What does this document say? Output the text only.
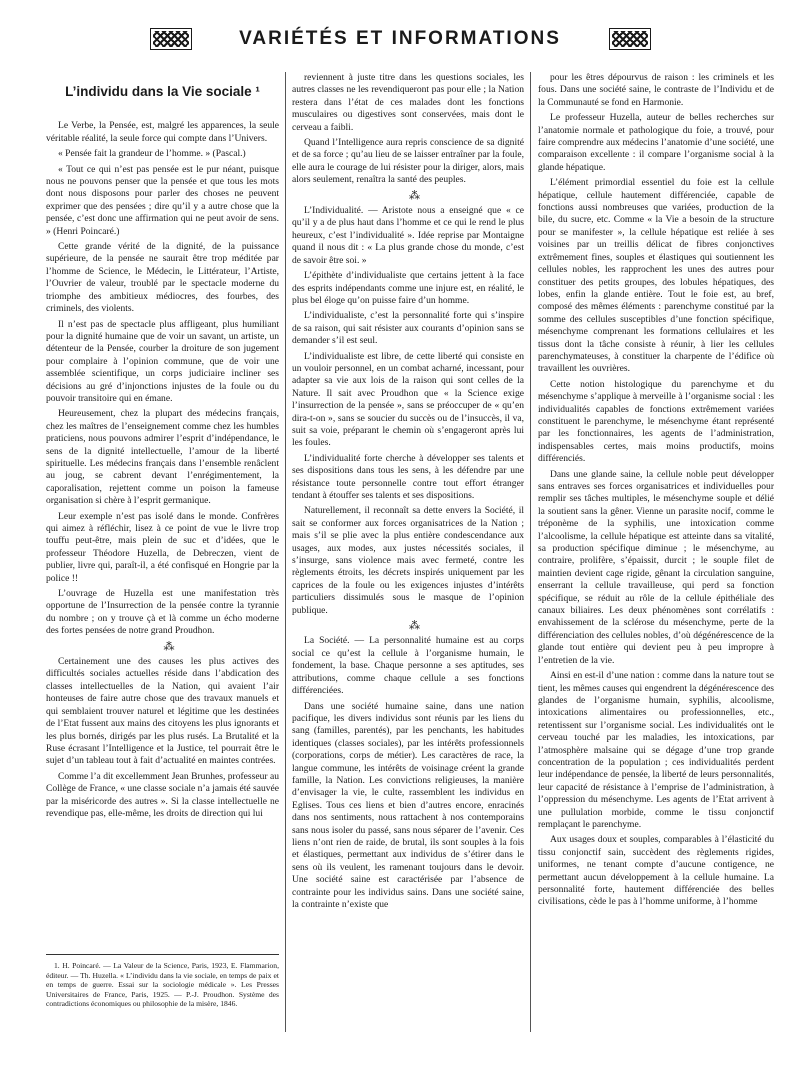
VARIÉTÉS ET INFORMATIONS
L’individu dans la Vie sociale ¹

Le Verbe, la Pensée, est, malgré les apparences, la seule véritable réalité, la seule force qui compte dans l’Univers.

« Pensée fait la grandeur de l’homme. » (Pascal.)

« Tout ce qui n’est pas pensée est le pur néant, puisque nous ne pouvons penser que la pensée et que tous les mots dont nous disposons pour parler des choses ne peuvent exprimer que des pensées ; dire qu’il y a autre chose que la pensée, c’est donc une affirmation qui ne peut avoir de sens. » (Henri Poincaré.)

Cette grande vérité de la dignité, de la puissance supérieure, de la pensée ne saurait être trop méditée par l’homme de Science, le Médecin, le Littérateur, l’Artiste, l’Ouvrier de valeur, troublé par le spectacle moderne du triomphe des ambitieux médiocres, des fourbes, des criminels, des violents.

Il n’est pas de spectacle plus affligeant, plus humiliant pour la dignité humaine que de voir un savant, un artiste, un détenteur de la Pensée, courber la droiture de son jugement pour complaire à l’opinion commune, que de voir une assemblée scientifique, un corps judiciaire incliner ses décisions au gré d’injonctions injustes de la foule ou du pouvoir transitoire qui en émane.

Heureusement, chez la plupart des médecins français, chez les maîtres de l’enseignement comme chez les humbles praticiens, nous pouvons admirer l’esprit d’indépendance, le sens de la dignité intellectuelle, l’amour de la liberté spirituelle. Les médecins français dans l’ensemble renâclent au joug, se cabrent devant l’enrégimentement, la caporalisation, rejettent comme un poison la fameuse organisation si chère à l’esprit germanique.

Leur exemple n’est pas isolé dans le monde. Confrères qui aimez à réfléchir, lisez à ce point de vue le livre trop touffu peut-être, mais plein de suc et d’idées, que le professeur Théodore Huzella, de Debreczen, vient de publier, livre qui, paraît-il, a été confisqué en Hongrie par la police !!

L’ouvrage de Huzella est une manifestation très opportune de l’Insurrection de la pensée contre la tyrannie du nombre ; on y trouve çà et là comme un écho moderne des fortes pensées de notre grand Proudhon.

⁂

Certainement une des causes les plus actives des difficultés sociales actuelles réside dans l’abdication des classes intellectuelles de la Nation, qui avaient l’air honteuses de faire autre chose que des travaux manuels et qui semblaient trouver naturel et légitime que les destinées de l’Etat fussent aux mains des citoyens les plus ignorants et les plus bornés, dirigés par les plus rusés. La Brutalité et la Ruse écrasant l’Intelligence et la Justice, tel pourrait être le sujet d’un tableau tout à fait d’actualité en maintes contrées.

Comme l’a dit excellemment Jean Brunhes, professeur au Collège de France, « une classe sociale n’a jamais été sauvée par la miséricorde des autres ». Si la classe intellectuelle ne revendique pas, elle-même, les droits de direction qui lui

1. H. Poincaré. — La Valeur de la Science, Paris, 1923, E. Flammarion, éditeur. — Th. Huzella. « L’individu dans la vie sociale, en temps de paix et en temps de guerre. Essai sur la sociologie médicale ». Les Presses Universitaires de France, Paris, 1925. — P.-J. Proudhon. Système des contradictions économiques ou philosophie de la misère, 1846.

reviennent à juste titre dans les questions sociales, les autres classes ne les revendiqueront pas pour elle ; la Nation restera dans l’état de ces malades dont les fonctions musculaires ou digestives sont conservées, mais dont le cerveau a faibli.

Quand l’Intelligence aura repris conscience de sa dignité et de sa force ; qu’au lieu de se laisser entraîner par la foule, elle aura le courage de lui résister pour la diriger, alors, mais alors seulement, renaîtra la santé des peuples.

⁂

L’Individualité. — Aristote nous a enseigné que « ce qu’il y a de plus haut dans l’homme et ce qui le rend le plus heureux, c’est l’individualité ». Idée reprise par Montaigne quand il nous dit : « La plus grande chose du monde, c’est de savoir être soi. »

L’épithète d’individualiste que certains jettent à la face des esprits indépendants comme une injure est, en réalité, le plus bel éloge qu’on puisse faire d’un homme.

L’individualiste, c’est la personnalité forte qui s’inspire de sa raison, qui sait résister aux courants d’opinion sans se demander s’il est seul.

L’individualiste est libre, de cette liberté qui consiste en un vouloir personnel, en un combat acharné, incessant, pour adapter sa vie aux lois de la raison qui sont celles de la Nature. Il sait avec Proudhon que « la Science exige l’insurrection de la pensée », sans se préoccuper de « qu’en dira-t-on », sans se soucier du succès ou de l’insuccès, il va, suit sa voie, préparant le chemin où s’engageront après lui les foules.

L’individualité forte cherche à développer ses talents et ses dispositions dans tous les sens, à les défendre par une résistance toute personnelle contre tout effort étranger tendant à étouffer ses talents et ses dispositions.

Naturellement, il reconnaît sa dette envers la Société, il sait se conformer aux forces organisatrices de la Nation ; mais s’il se plie avec la plus entière condescendance aux usages, aux modes, aux justes nécessités sociales, il s’insurge, sans violence mais avec fermeté, contre les règlements étroits, les décrets inspirés uniquement par les caprices de la foule ou les exigences injustes d’intérêts particuliers dissimulés sous le masque de l’opinion publique.

⁂

La Société. — La personnalité humaine est au corps social ce qu’est la cellule à l’organisme humain, le fondement, la base. Chaque personne a ses aptitudes, ses attributions, comme chaque cellule a ses fonctions différenciées.

Dans une société humaine saine, dans une nation pacifique, les divers individus sont réunis par les liens du sang (familles, parentés), par les penchants, les habitudes identiques (classes sociales), par les intérêts professionnels (corporations, corps de métier). Les caractères de race, la langue commune, les intérêts de voisinage créent la grande famille, la Nation. Les convictions religieuses, la manière d’envisager la vie, le culte, rassemblent les individus en Eglises. Tous ces liens et bien d’autres encore, enracinés dans nos sentiments, nous rattachent à nos contemporains sans nous isoler du passé, sans nous séparer de l’avenir. Ces liens n’ont rien de raide, de brutal, ils sont souples à la fois et élastiques, permettant aux individus de s’étirer dans le sens où ils veulent, les ramenant toujours dans le devoir. Une société saine est caractérisée par l’absence de contrainte pour les individus sains. Dans une société saine, la contrainte n’existe que

pour les êtres dépourvus de raison : les criminels et les fous. Dans une société saine, le contraste de l’Individu et de la Communauté se fond en Harmonie.

Le professeur Huzella, auteur de belles recherches sur l’anatomie normale et pathologique du foie, a trouvé, pour faire comprendre aux médecins l’anatomie d’une société, une comparaison excellente : il compare l’organisme social à la glande hépatique.

L’élément primordial essentiel du foie est la cellule hépatique, cellule hautement différenciée, capable de fonctions aussi nombreuses que variées, production de la bile, du sucre, etc. Comme « la Vie a besoin de la structure pour se manifester », la cellule hépatique est reliée à ses voisines par un treillis délicat de fibres conjonctives extrêmement fines, souples et élastiques qui soutiennent les cellules nobles, les rapprochent les unes des autres pour constituer des petits groupes, des lobules hépatiques, des lobes, enfin la glande entière. Tout le foie est, au bref, composé des mêmes éléments : parenchyme constitué par la somme des cellules susceptibles d’une fonction spécifique, mésenchyme comprenant les formations cellulaires et les tissus dont la tâche consiste à réunir, à lier les cellules parenchymateuses, à constituer la charpente de l’édifice où travaillent les ouvrières.

Cette notion histologique du parenchyme et du mésenchyme s’applique à merveille à l’organisme social : les individualités capables de fonctions extrêmement variées constituent le parenchyme, le mésenchyme étant représenté par les fonctionnaires, les agents de l’administration, indispensables certes, mais moins productifs, moins différenciés.

Dans une glande saine, la cellule noble peut développer sans entraves ses forces organisatrices et individuelles pour remplir ses tâches multiples, le mésenchyme souple et délié la soutient sans la gêner. Vienne un parasite nocif, comme le tréponème de la syphilis, une intoxication comme l’alcoolisme, la cellule hépatique est atteinte dans sa vitalité, sa production spécifique diminue ; le mésenchyme, au contraire, prolifère, s’épaissit, durcit ; le souple filet de maintien devient cage rigide, gênant la circulation sanguine, enserrant la cellule travailleuse, qui perd sa fonction spécifique, se réduit au rôle de la cellule épithéliale des canaux biliaires. Les deux phénomènes sont corrélatifs : envahissement de la sclérose du mésenchyme, perte de la différenciation des cellules nobles, d’où dégénérescence de la glande tout entière qui devient peu à peu impropre à l’entretien de la vie.

Ainsi en est-il d’une nation : comme dans la nature tout se tient, les mêmes causes qui engendrent la dégénérescence des glandes de l’organisme humain, syphilis, alcoolisme, intoxications alimentaires ou professionnelles, etc., retentissent sur l’organisme social. Les individualités ont le cerveau touché par les maladies, les intoxications, par l’atmosphère malsaine qui se dégage d’une trop grande concentration de la population ; ces individualités perdent leur indépendance de pensée, la liberté de leurs personnalités, leur capacité de résistance à l’emprise de l’administration, à l’oppression du mésenchyme. Les agents de l’Etat arrivent à une pullulation morbide, comme le tissu conjonctif remplaçant le parenchyme.

Aux usages doux et souples, comparables à l’élasticité du tissu conjonctif sain, succèdent des règlements rigides, uniformes, ne tenant compte d’aucune contigence, ne permettant aucun développement à la cellule humaine. La personnalité forte, hautement différenciée des belles civilisations, cède le pas à l’homme uniforme, à l’homme
